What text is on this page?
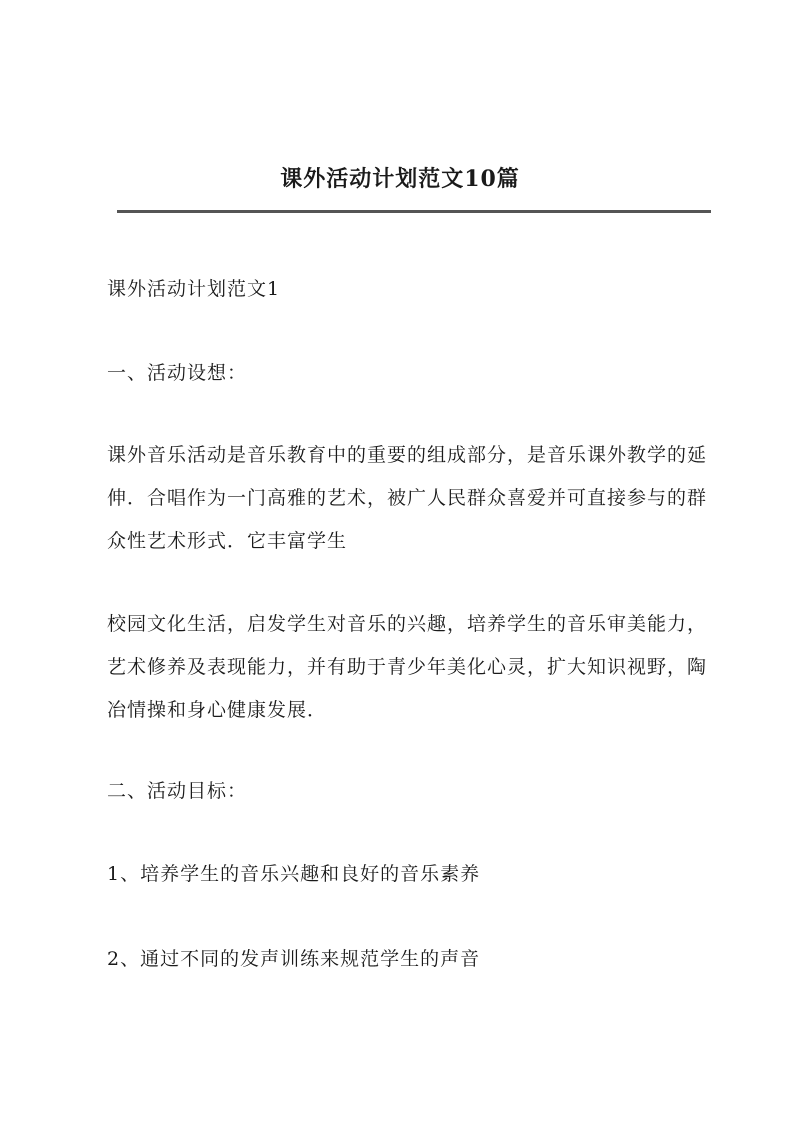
课外活动计划范文10篇

课外活动计划范文1

一、活动设想：

课外音乐活动是音乐教育中的重要的组成部分，是音乐课外教学的延伸．合唱作为一门高雅的艺术，被广人民群众喜爱并可直接参与的群众性艺术形式．它丰富学生

校园文化生活，启发学生对音乐的兴趣，培养学生的音乐审美能力，艺术修养及表现能力，并有助于青少年美化心灵，扩大知识视野，陶冶情操和身心健康发展．

二、活动目标：

1、培养学生的音乐兴趣和良好的音乐素养

2、通过不同的发声训练来规范学生的声音
